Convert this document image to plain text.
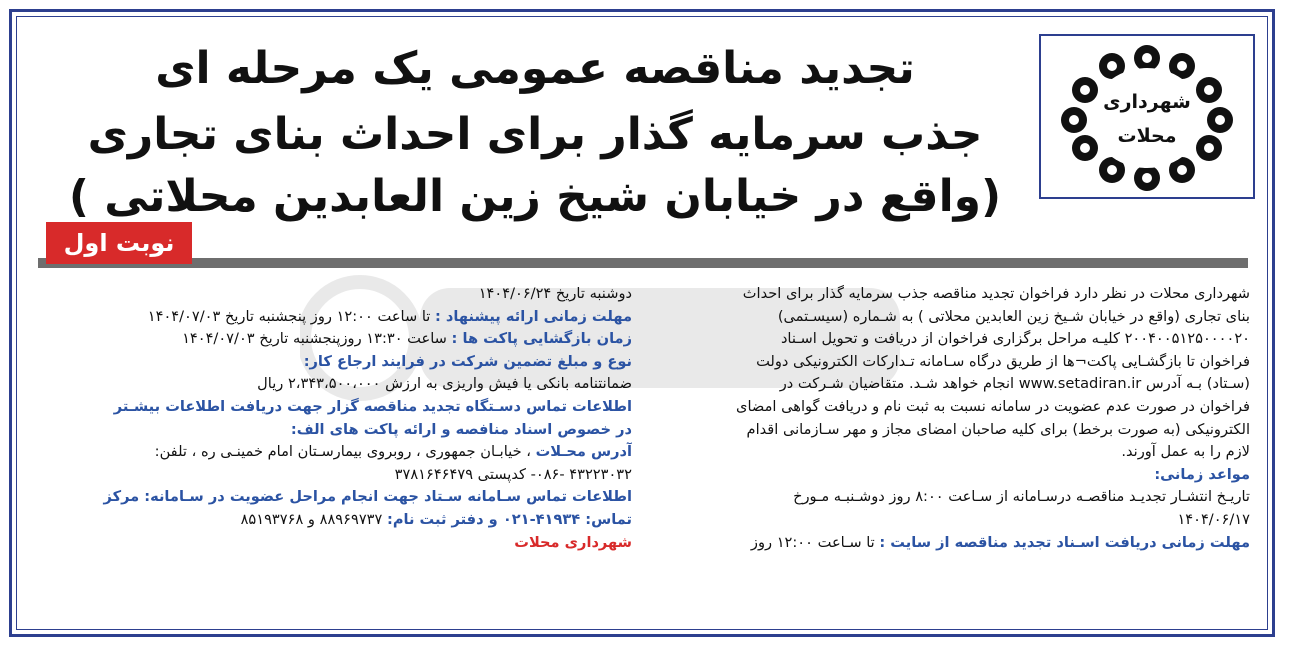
شهرداری
محلات
تجدید مناقصه عمومی یک مرحله ای
جذب سرمایه گذار برای احداث بنای تجاری
(واقع در خیابان شیخ زین العابدین محلاتی )
نوبت اول
شهرداری محلات در نظر دارد فراخوان تجدید مناقصه جذب سرمایه گذار برای احداث
بنای تجاری (واقع در خیابان شـیخ زین العابدین محلاتی ) به شـماره (سیسـتمی)
۲۰۰۴۰۰۵۱۲۵۰۰۰۰۲۰ کلیـه مراحل برگزاری فراخوان از دریافت و تحویل اسـناد
فراخوان تا بازگشـایی پاکت¬ها از طریق درگاه سـامانه تـدارکات الکترونیکی دولت
(سـتاد) بـه آدرس www.setadiran.ir انجام خواهد شـد. متقاضیان شـرکت در
فراخوان در صورت عدم عضویت در سامانه نسبت به ثبت نام و دریافت گواهی امضای
الکترونیکی (به صورت برخط) برای کلیه صاحبان امضای مجاز و مهر سـازمانی اقدام
لازم را به عمل آورند.
مواعد زمانی:
تاریـخ انتشـار تجدیـد مناقصـه درسـامانه از سـاعت ۸:۰۰ روز دوشـنبـه مـورخ
۱۴۰۴/۰۶/۱۷
مهلت زمانی دریافت اسـناد تجدید مناقصه از سایت : تا سـاعت ۱۲:۰۰ روز
دوشنبه تاریخ ۱۴۰۴/۰۶/۲۴
مهلت زمانی ارائه پیشنهاد : تا ساعت ۱۲:۰۰ روز پنجشنبه تاریخ ۱۴۰۴/۰۷/۰۳
زمان بازگشایی پاکت ها : ساعت ۱۳:۳۰ روزپنجشنبه تاریخ ۱۴۰۴/۰۷/۰۳
نوع و مبلغ تضمین شرکت در فرایند ارجاع کار:
ضمانتنامه بانکی یا فیش واریزی به ارزش ۲،۳۴۳،۵۰۰،۰۰۰ ریال
اطلاعات تماس دسـتگاه تجدید مناقصه گزار جهت دریافت اطلاعات بیشـتر
در خصوص اسناد منافصه و ارائه پاکت های الف:
آدرس محـلات ، خیابـان جمهوری ، روبروی بیمارسـتان امام خمینـی ره ، تلفن:
۴۳۲۲۳۰۳۲ -۰۸۶- کدپستی ۳۷۸۱۶۴۶۴۷۹
اطلاعات تماس سـامانه سـتاد جهت انجام مراحل عضویت در سـامانه: مرکز
تماس: ۴۱۹۳۴-۰۲۱ و دفتر ثبت نام: ۸۸۹۶۹۷۳۷ و ۸۵۱۹۳۷۶۸
شهرداری محلات
